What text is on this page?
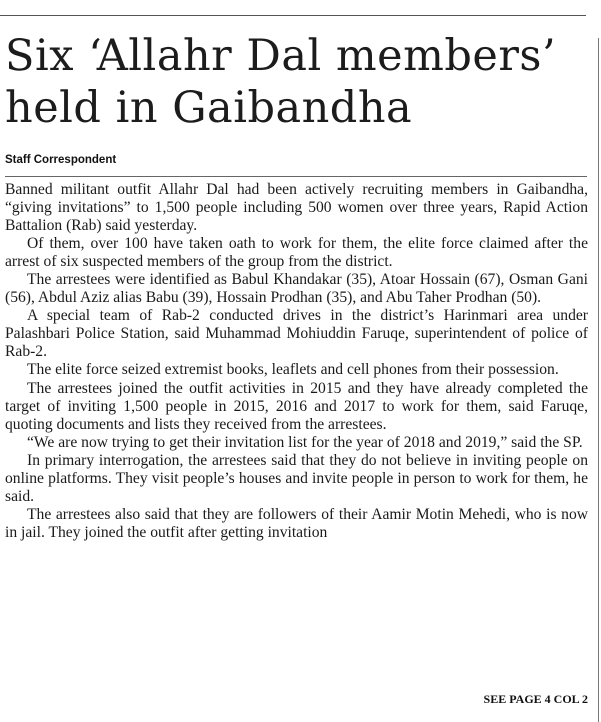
Six ‘Allahr Dal members’ held in Gaibandha
Staff Correspondent

Banned militant outfit Allahr Dal had been actively recruiting members in Gaibandha, “giving invitations” to 1,500 people including 500 women over three years, Rapid Action Battalion (Rab) said yesterday.

Of them, over 100 have taken oath to work for them, the elite force claimed after the arrest of six suspected members of the group from the district.

The arrestees were identified as Babul Khandakar (35), Atoar Hossain (67), Osman Gani (56), Abdul Aziz alias Babu (39), Hossain Prodhan (35), and Abu Taher Prodhan (50).

A special team of Rab-2 conducted drives in the district’s Harinmari area under Palashbari Police Station, said Muhammad Mohiuddin Faruqe, superintendent of police of Rab-2.

The elite force seized extremist books, leaflets and cell phones from their possession.

The arrestees joined the outfit activities in 2015 and they have already completed the target of inviting 1,500 people in 2015, 2016 and 2017 to work for them, said Faruqe, quoting documents and lists they received from the arrestees.

“We are now trying to get their invitation list for the year of 2018 and 2019,” said the SP.

In primary interrogation, the arrestees said that they do not believe in inviting people on online platforms. They visit people’s houses and invite people in person to work for them, he said.

The arrestees also said that they are followers of their Aamir Motin Mehedi, who is now in jail. They joined the outfit after getting invitation

SEE PAGE 4 COL 2
